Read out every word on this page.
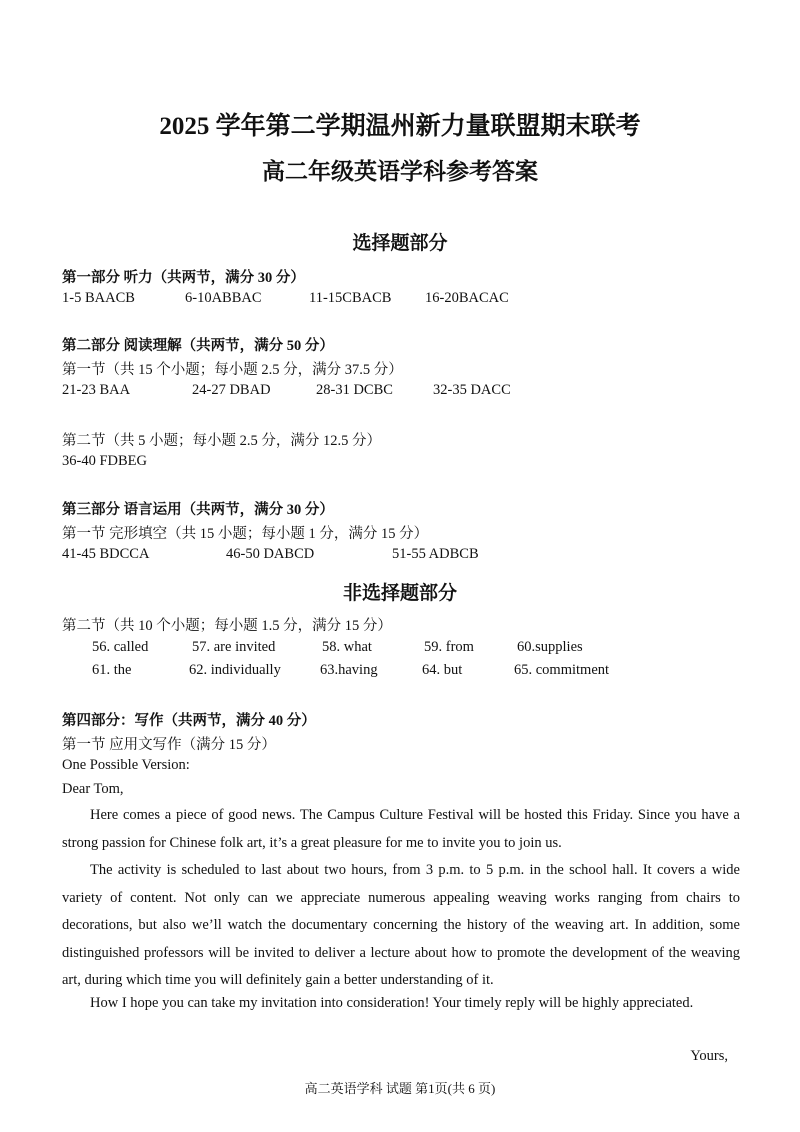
2025 学年第二学期温州新力量联盟期末联考
高二年级英语学科参考答案
选择题部分
第一部分 听力（共两节，满分 30 分）
1-5 BAACB	6-10ABBAC	11-15CBACB 16-20BACAC
第二部分 阅读理解（共两节，满分 50 分）
第一节（共 15 个小题；每小题 2.5 分，满分 37.5 分）
21-23 BAA	24-27 DBAD	28-31 DCBC	32-35 DACC
第二节（共 5 小题；每小题 2.5 分，满分 12.5 分）
36-40 FDBEG
第三部分 语言运用（共两节，满分 30 分）
第一节 完形填空（共 15 小题；每小题 1 分，满分 15 分）
41-45 BDCCA	46-50 DABCD	51-55 ADBCB
非选择题部分
第二节（共 10 个小题；每小题 1.5 分，满分 15 分）
56. called	57. are invited	58. what	59. from	60.supplies
61. the	62. individually	63.having	64. but	65. commitment
第四部分：写作（共两节，满分 40 分）
第一节 应用文写作（满分 15 分）
One Possible Version:
Dear Tom,

Here comes a piece of good news. The Campus Culture Festival will be hosted this Friday. Since you have a strong passion for Chinese folk art, it’s a great pleasure for me to invite you to join us.

The activity is scheduled to last about two hours, from 3 p.m. to 5 p.m. in the school hall. It covers a wide variety of content. Not only can we appreciate numerous appealing weaving works ranging from chairs to decorations, but also we’ll watch the documentary concerning the history of the weaving art. In addition, some distinguished professors will be invited to deliver a lecture about how to promote the development of the weaving art, during which time you will definitely gain a better understanding of it.

How I hope you can take my invitation into consideration! Your timely reply will be highly appreciated.

Yours,
高二英语学科 试题 第1页(共 6 页)
